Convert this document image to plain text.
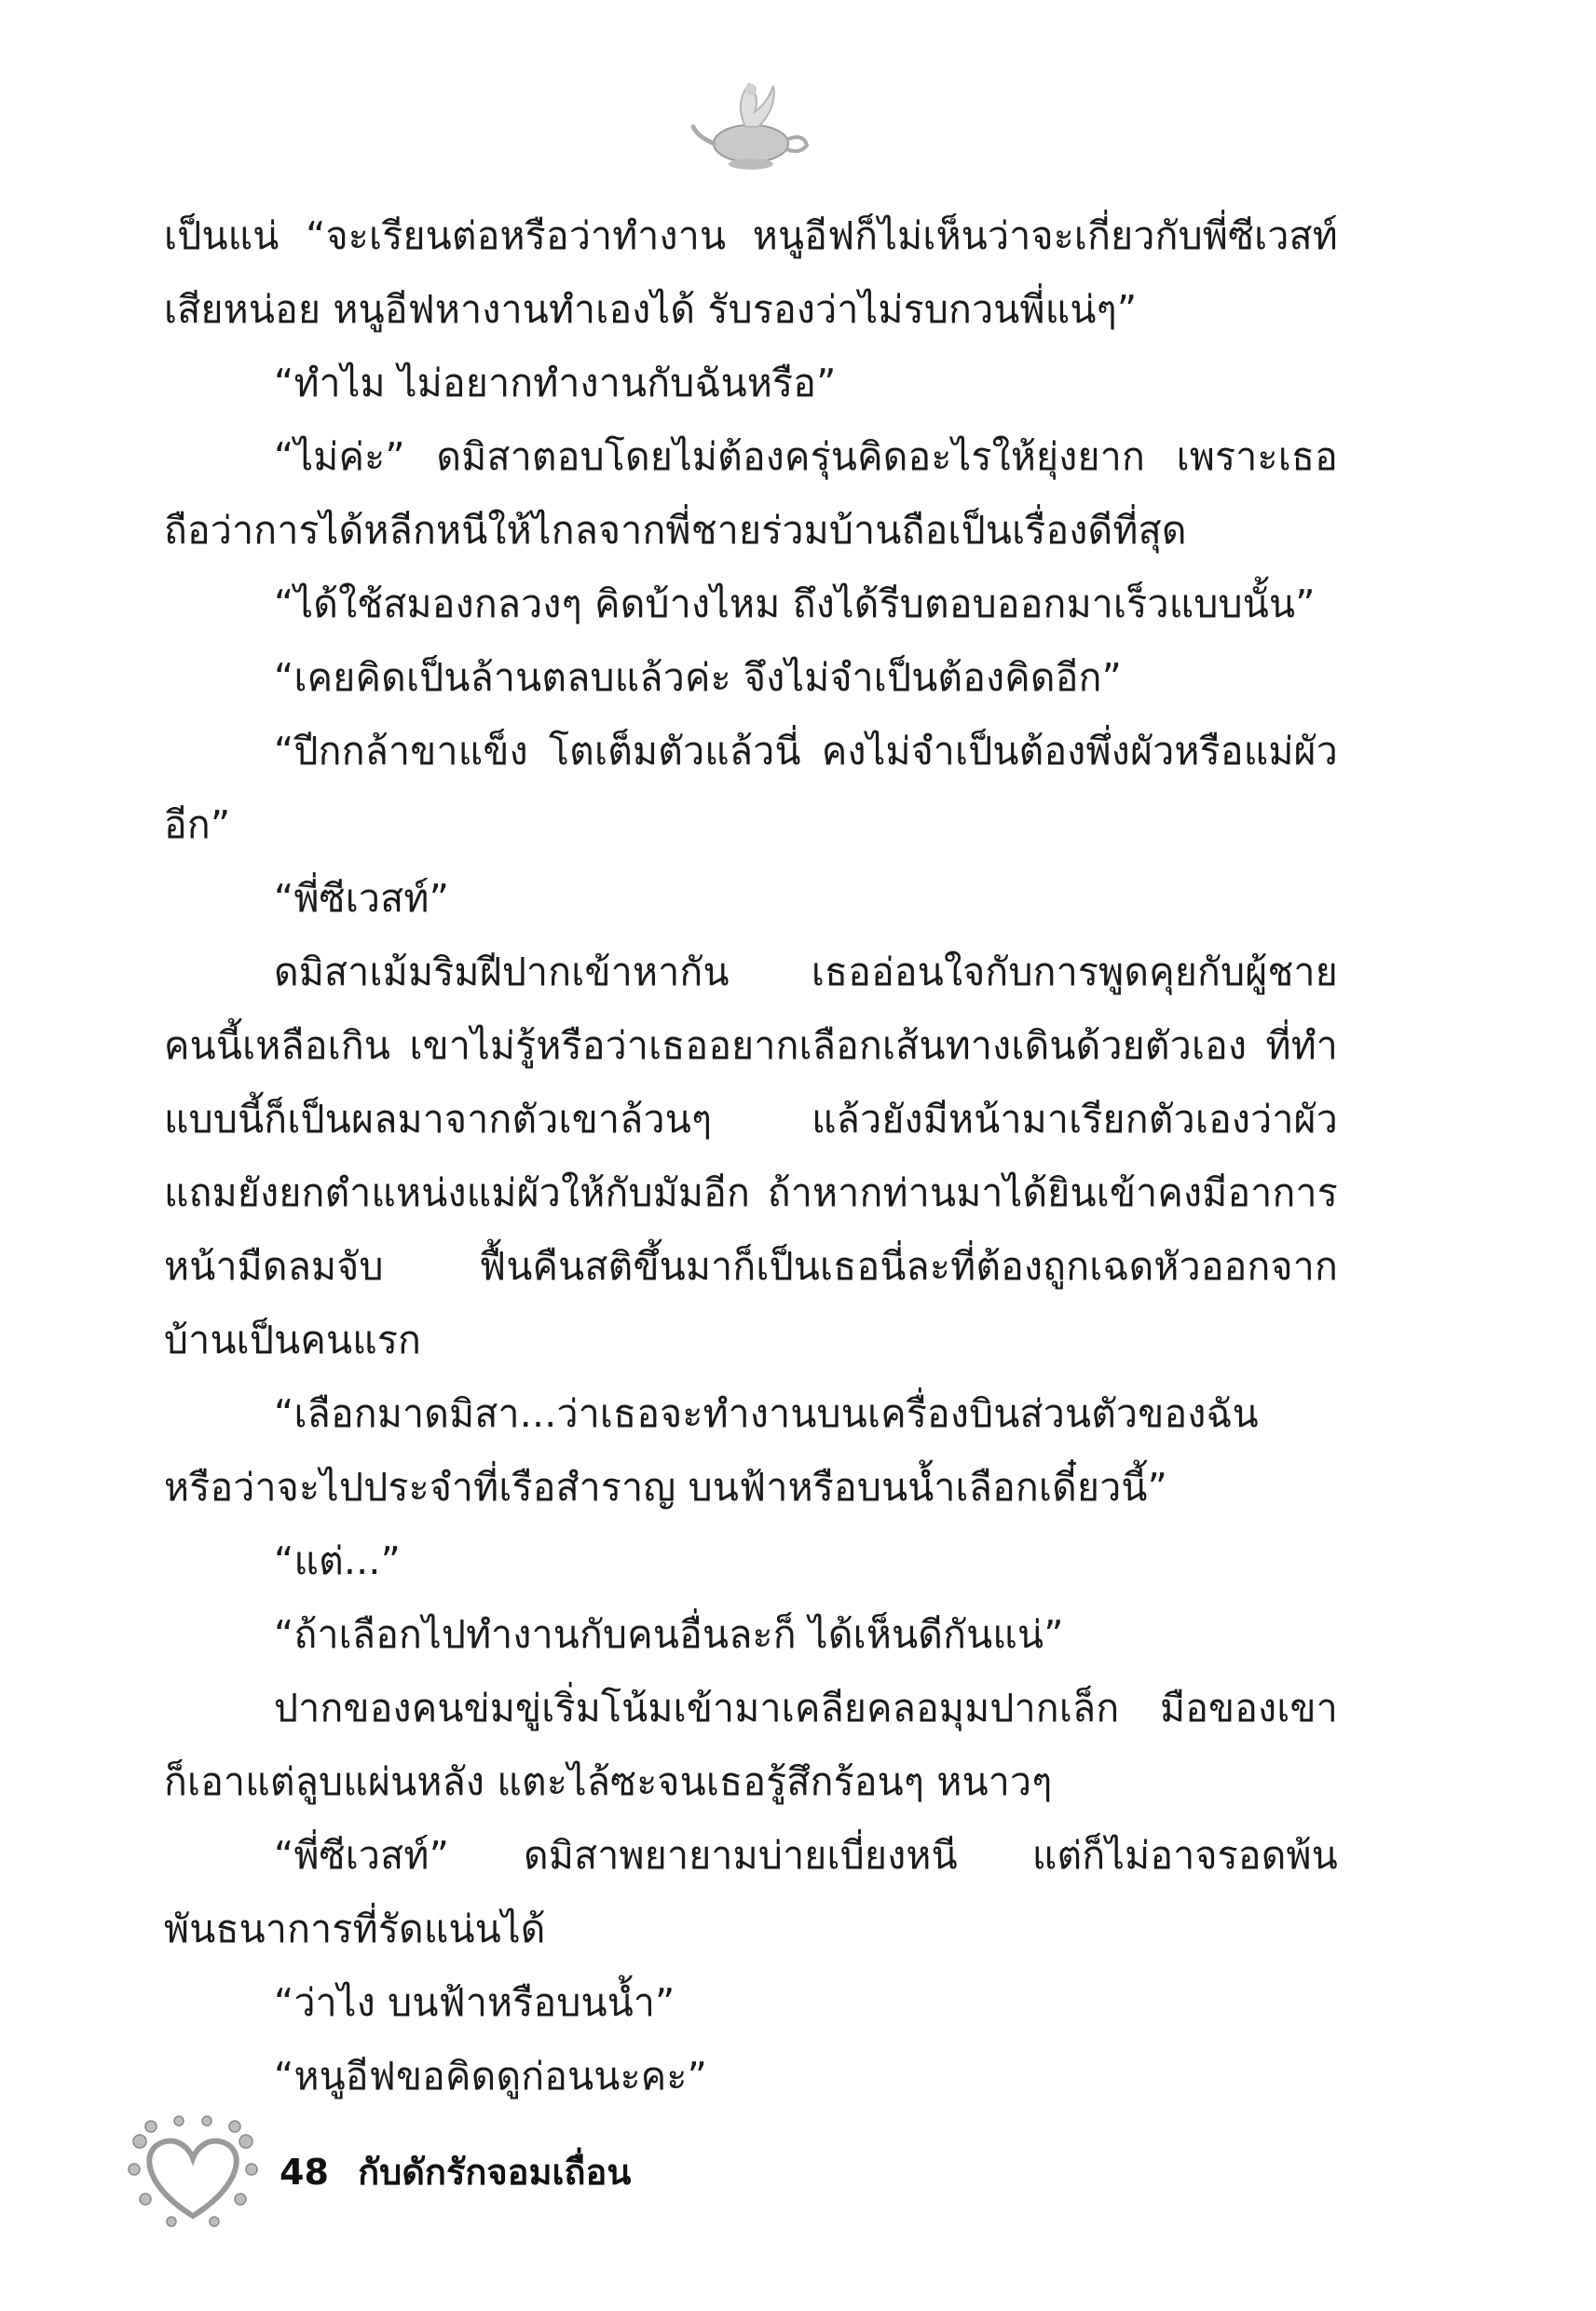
เป็นแน่ “จะเรียนต่อหรือว่าทำงาน หนูอีฟก็ไม่เห็นว่าจะเกี่ยวกับพี่ซีเวสท์
เสียหน่อย หนูอีฟหางานทำเองได้ รับรองว่าไม่รบกวนพี่แน่ๆ”
“ทำไม ไม่อยากทำงานกับฉันหรือ”
“ไม่ค่ะ” ดมิสาตอบโดยไม่ต้องครุ่นคิดอะไรให้ยุ่งยาก เพราะเธอ
ถือว่าการได้หลีกหนีให้ไกลจากพี่ชายร่วมบ้านถือเป็นเรื่องดีที่สุด
“ได้ใช้สมองกลวงๆ คิดบ้างไหม ถึงได้รีบตอบออกมาเร็วแบบนั้น”
“เคยคิดเป็นล้านตลบแล้วค่ะ จึงไม่จำเป็นต้องคิดอีก”
“ปีกกล้าขาแข็ง โตเต็มตัวแล้วนี่ คงไม่จำเป็นต้องพึ่งผัวหรือแม่ผัว
อีก”
“พี่ซีเวสท์”
ดมิสาเม้มริมฝีปากเข้าหากัน เธออ่อนใจกับการพูดคุยกับผู้ชาย
คนนี้เหลือเกิน เขาไม่รู้หรือว่าเธออยากเลือกเส้นทางเดินด้วยตัวเอง ที่ทำ
แบบนี้ก็เป็นผลมาจากตัวเขาล้วนๆ แล้วยังมีหน้ามาเรียกตัวเองว่าผัว
แถมยังยกตำแหน่งแม่ผัวให้กับมัมอีก ถ้าหากท่านมาได้ยินเข้าคงมีอาการ
หน้ามืดลมจับ ฟื้นคืนสติขึ้นมาก็เป็นเธอนี่ละที่ต้องถูกเฉดหัวออกจาก
บ้านเป็นคนแรก
“เลือกมาดมิสา...ว่าเธอจะทำงานบนเครื่องบินส่วนตัวของฉัน
หรือว่าจะไปประจำที่เรือสำราญ บนฟ้าหรือบนน้ำเลือกเดี๋ยวนี้”
“แต่...”
“ถ้าเลือกไปทำงานกับคนอื่นละก็ ได้เห็นดีกันแน่”
ปากของคนข่มขู่เริ่มโน้มเข้ามาเคลียคลอมุมปากเล็ก มือของเขา
ก็เอาแต่ลูบแผ่นหลัง แตะไล้ซะจนเธอรู้สึกร้อนๆ หนาวๆ
“พี่ซีเวสท์” ดมิสาพยายามบ่ายเบี่ยงหนี แต่ก็ไม่อาจรอดพ้น
พันธนาการที่รัดแน่นได้
“ว่าไง บนฟ้าหรือบนน้ำ”
“หนูอีฟขอคิดดูก่อนนะคะ”
48 กับดักรักจอมเถื่อน
